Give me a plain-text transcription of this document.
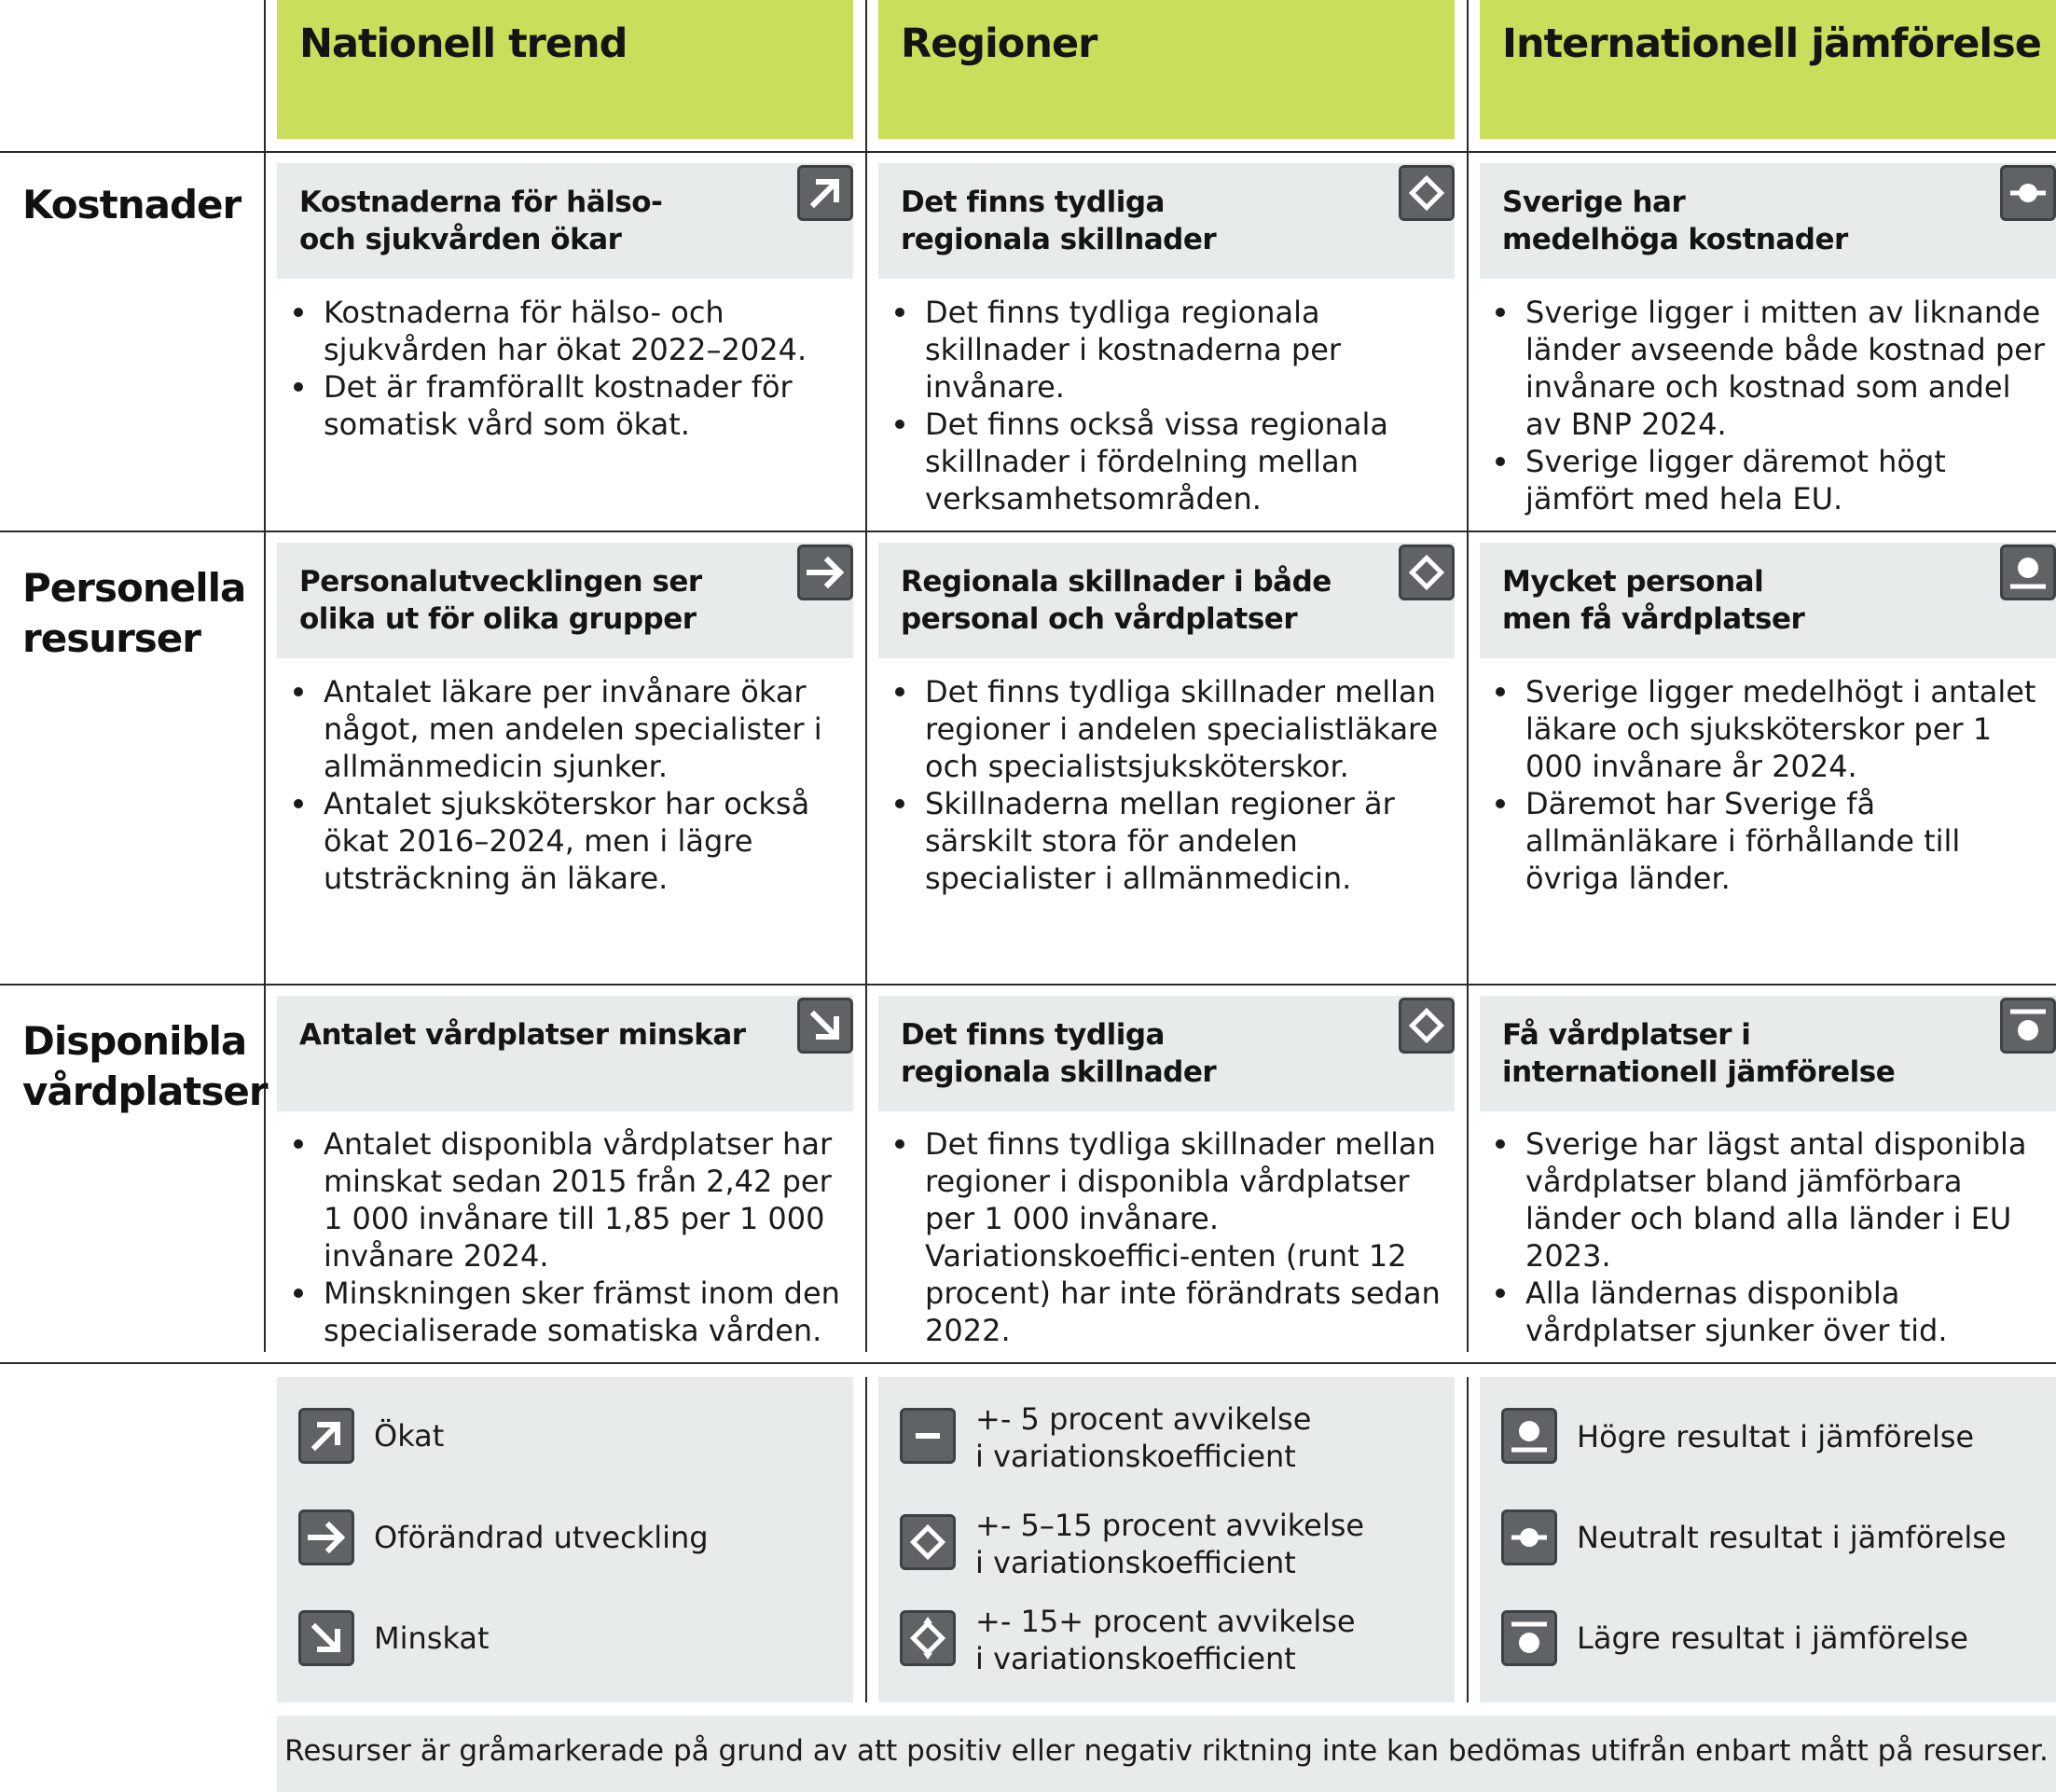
Nationell trend	Regioner	Internationell jämförelse
Kostnader
Personella
resurser
Disponibla
vårdplatser
Kostnaderna för hälso-
och sjukvården ökar
Kostnaderna för hälso- och sjukvården har ökat 2022–2024.
Det är framförallt kostnader för somatisk vård som ökat.
Det finns tydliga
regionala skillnader
Det finns tydliga regionala skillnader i kostnaderna per invånare.
Det finns också vissa regionala skillnader i fördelning mellan verksamhetsområden.
Sverige har
medelhöga kostnader
Sverige ligger i mitten av liknande länder avseende både kostnad per invånare och kostnad som andel av BNP 2024.
Sverige ligger däremot högt jämfört med hela EU.
Personalutvecklingen ser
olika ut för olika grupper
Antalet läkare per invånare ökar något, men andelen specialister i allmänmedicin sjunker.
Antalet sjuksköterskor har också ökat 2016–2024, men i lägre utsträckning än läkare.
Regionala skillnader i både
personal och vårdplatser
Det finns tydliga skillnader mellan regioner i andelen specialistläkare och specialistsjuksköterskor.
Skillnaderna mellan regioner är särskilt stora för andelen specialister i allmänmedicin.
Mycket personal
men få vårdplatser
Sverige ligger medelhögt i antalet läkare och sjuksköterskor per 1 000 invånare år 2024.
Däremot har Sverige få allmänläkare i förhållande till övriga länder.
Antalet vårdplatser minskar
Antalet disponibla vårdplatser har minskat sedan 2015 från 2,42 per 1 000 invånare till 1,85 per 1 000 invånare 2024.
Minskningen sker främst inom den specialiserade somatiska vården.
Det finns tydliga
regionala skillnader
Det finns tydliga skillnader mellan regioner i disponibla vårdplatser per 1 000 invånare. Variationskoeffici-enten (runt 12 procent) har inte förändrats sedan 2022.
Få vårdplatser i
internationell jämförelse
Sverige har lägst antal disponibla vårdplatser bland jämförbara länder och bland alla länder i EU 2023.
Alla ländernas disponibla vårdplatser sjunker över tid.
Ökat
Oförändrad utveckling
Minskat
+- 5 procent avvikelse
i variationskoefficient
+- 5–15 procent avvikelse
i variationskoefficient
+- 15+ procent avvikelse
i variationskoefficient
Högre resultat i jämförelse
Neutralt resultat i jämförelse
Lägre resultat i jämförelse
Resurser är gråmarkerade på grund av att positiv eller negativ riktning inte kan bedömas utifrån enbart mått på resurser.
